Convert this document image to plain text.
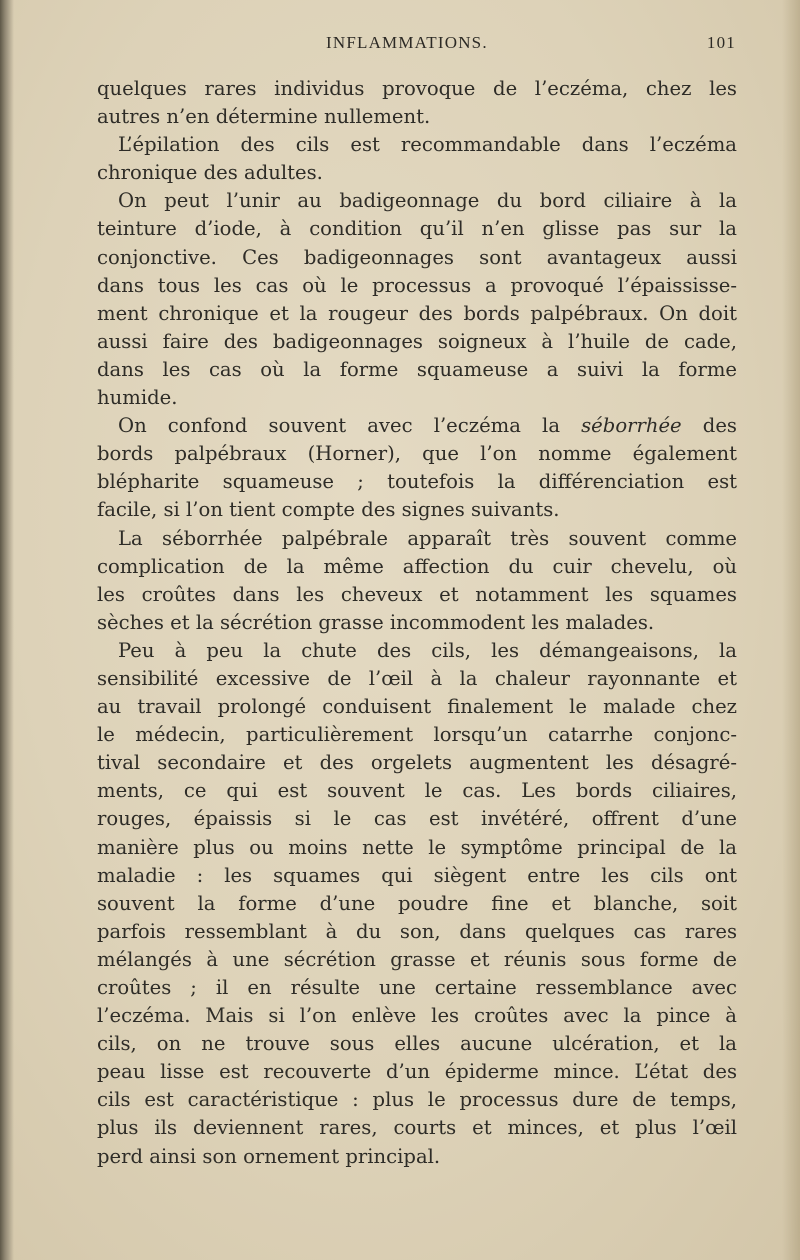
INFLAMMATIONS.	101
quelques rares individus provoque de l’eczéma, chez les
autres n’en détermine nullement.
L’épilation des cils est recommandable dans l’eczéma
chronique des adultes.
On peut l’unir au badigeonnage du bord ciliaire à la
teinture d’iode, à condition qu’il n’en glisse pas sur la
conjonctive. Ces badigeonnages sont avantageux aussi
dans tous les cas où le processus a provoqué l’épaississe-
ment chronique et la rougeur des bords palpébraux. On doit
aussi faire des badigeonnages soigneux à l’huile de cade,
dans les cas où la forme squameuse a suivi la forme
humide.
On confond souvent avec l’eczéma la séborrhée des
bords palpébraux (Horner), que l’on nomme également
blépharite squameuse ; toutefois la différenciation est
facile, si l’on tient compte des signes suivants.
La séborrhée palpébrale apparaît très souvent comme
complication de la même affection du cuir chevelu, où
les croûtes dans les cheveux et notamment les squames
sèches et la sécrétion grasse incommodent les malades.
Peu à peu la chute des cils, les démangeaisons, la
sensibilité excessive de l’œil à la chaleur rayonnante et
au travail prolongé conduisent finalement le malade chez
le médecin, particulièrement lorsqu’un catarrhe conjonc-
tival secondaire et des orgelets augmentent les désagré-
ments, ce qui est souvent le cas. Les bords ciliaires,
rouges, épaissis si le cas est invétéré, offrent d’une
manière plus ou moins nette le symptôme principal de la
maladie : les squames qui siègent entre les cils ont
souvent la forme d’une poudre fine et blanche, soit
parfois ressemblant à du son, dans quelques cas rares
mélangés à une sécrétion grasse et réunis sous forme de
croûtes ; il en résulte une certaine ressemblance avec
l’eczéma. Mais si l’on enlève les croûtes avec la pince à
cils, on ne trouve sous elles aucune ulcération, et la
peau lisse est recouverte d’un épiderme mince. L’état des
cils est caractéristique : plus le processus dure de temps,
plus ils deviennent rares, courts et minces, et plus l’œil
perd ainsi son ornement principal.
